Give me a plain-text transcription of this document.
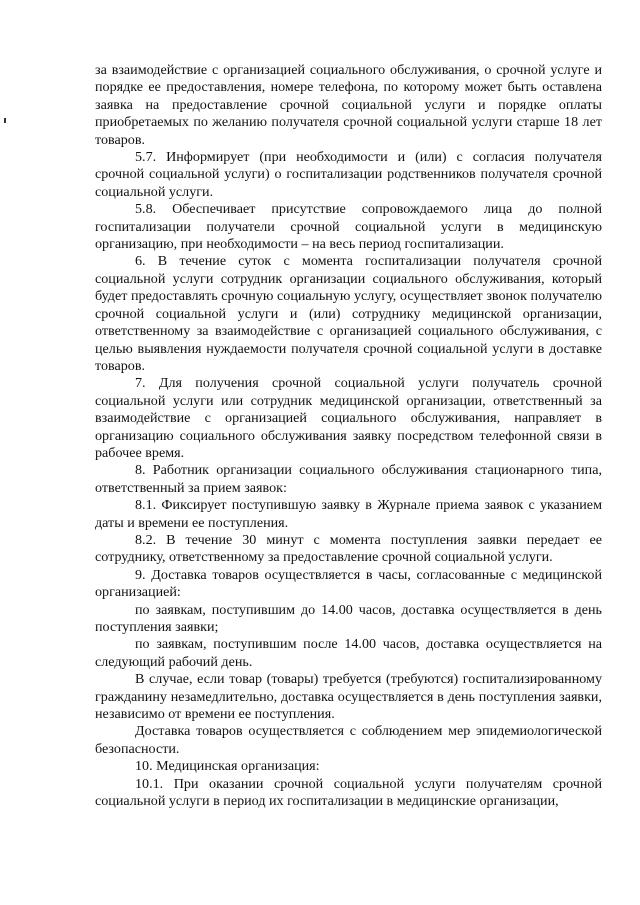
за взаимодействие с организацией социального обслуживания, о срочной услуге и порядке ее предоставления, номере телефона, по которому может быть оставлена заявка на предоставление срочной социальной услуги и порядке оплаты приобретаемых по желанию получателя срочной социальной услуги старше 18 лет товаров.

5.7. Информирует (при необходимости и (или) с согласия получателя срочной социальной услуги) о госпитализации родственников получателя срочной социальной услуги.

5.8. Обеспечивает присутствие сопровождаемого лица до полной госпитализации получатели срочной социальной услуги в медицинскую организацию, при необходимости – на весь период госпитализации.

6. В течение суток с момента госпитализации получателя срочной социальной услуги сотрудник организации социального обслуживания, который будет предоставлять срочную социальную услугу, осуществляет звонок получателю срочной социальной услуги и (или) сотруднику медицинской организации, ответственному за взаимодействие с организацией социального обслуживания, с целью выявления нуждаемости получателя срочной социальной услуги в доставке товаров.

7. Для получения срочной социальной услуги получатель срочной социальной услуги или сотрудник медицинской организации, ответственный за взаимодействие с организацией социального обслуживания, направляет в организацию социального обслуживания заявку посредством телефонной связи в рабочее время.

8. Работник организации социального обслуживания стационарного типа, ответственный за прием заявок:

8.1. Фиксирует поступившую заявку в Журнале приема заявок с указанием даты и времени ее поступления.

8.2. В течение 30 минут с момента поступления заявки передает ее сотруднику, ответственному за предоставление срочной социальной услуги.

9. Доставка товаров осуществляется в часы, согласованные с медицинской организацией:

по заявкам, поступившим до 14.00 часов, доставка осуществляется в день поступления заявки;

по заявкам, поступившим после 14.00 часов, доставка осуществляется на следующий рабочий день.

В случае, если товар (товары) требуется (требуются) госпитализированному гражданину незамедлительно, доставка осуществляется в день поступления заявки, независимо от времени ее поступления.

Доставка товаров осуществляется с соблюдением мер эпидемиологической безопасности.

10. Медицинская организация:

10.1. При оказании срочной социальной услуги получателям срочной социальной услуги в период их госпитализации в медицинские организации,
